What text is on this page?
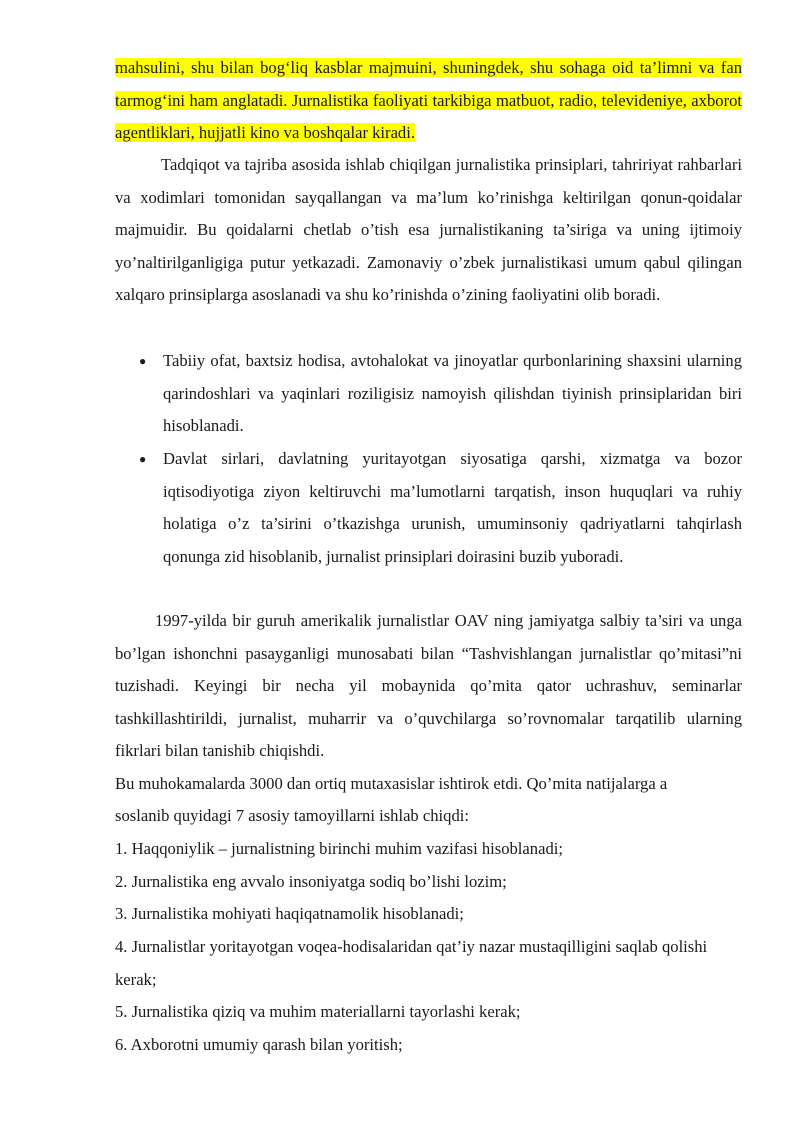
mahsulini, shu bilan bog‘liq kasblar majmuini, shuningdek, shu sohaga oid ta’limni va fan tarmog‘ini ham anglatadi. Jurnalistika faoliyati tarkibiga matbuot, radio, televideniye, axborot agentliklari, hujjatli kino va boshqalar kiradi.

Tadqiqot va tajriba asosida ishlab chiqilgan jurnalistika prinsiplari, tahririyat rahbarlari va xodimlari tomonidan sayqallangan va ma’lum ko’rinishga keltirilgan qonun-qoidalar majmuidir. Bu qoidalarni chetlab o’tish esa jurnalistikaning ta’siriga va uning ijtimoiy yo’naltirilganligiga putur yetkazadi. Zamonaviy o’zbek jurnalistikasi umum qabul qilingan xalqaro prinsiplarga asoslanadi va shu ko’rinishda o’zining faoliyatini olib boradi.

● Tabiiy ofat, baxtsiz hodisa, avtohalokat va jinoyatlar qurbonlarining shaxsini ularning qarindoshlari va yaqinlari roziligisiz namoyish qilishdan tiyinish prinsiplaridan biri hisoblanadi.
● Davlat sirlari, davlatning yuritayotgan siyosatiga qarshi, xizmatga va bozor iqtisodiyotiga ziyon keltiruvchi ma’lumotlarni tarqatish, inson huquqlari va ruhiy holatiga o’z ta’sirini o’tkazishga urunish, umuminsoniy qadriyatlarni tahqirlash qonunga zid hisoblanib, jurnalist prinsiplari doirasini buzib yuboradi.

1997-yilda bir guruh amerikalik jurnalistlar OAV ning jamiyatga salbiy ta’siri va unga bo’lgan ishonchni pasayganligi munosabati bilan “Tashvishlangan jurnalistlar qo’mitasi”ni tuzishadi. Keyingi bir necha yil mobaynida qo’mita qator uchrashuv, seminarlar tashkillashtirildi, jurnalist, muharrir va o’quvchilarga so’rovnomalar tarqatilib ularning fikrlari bilan tanishib chiqishdi.

Bu muhokamalarda 3000 dan ortiq mutaxasislar ishtirok etdi. Qo’mita natijalarga a
soslanib quyidagi 7 asosiy tamoyillarni ishlab chiqdi:
1. Haqqoniylik – jurnalistning birinchi muhim vazifasi hisoblanadi;
2. Jurnalistika eng avvalo insoniyatga sodiq bo’lishi lozim;
3. Jurnalistika mohiyati haqiqatnamolik hisoblanadi;
4. Jurnalistlar yoritayotgan voqea-hodisalaridan qat’iy nazar mustaqilligini saqlab qolishi kerak;
5. Jurnalistika qiziq va muhim materiallarni tayorlashi kerak;
6. Axborotni umumiy qarash bilan yoritish;
